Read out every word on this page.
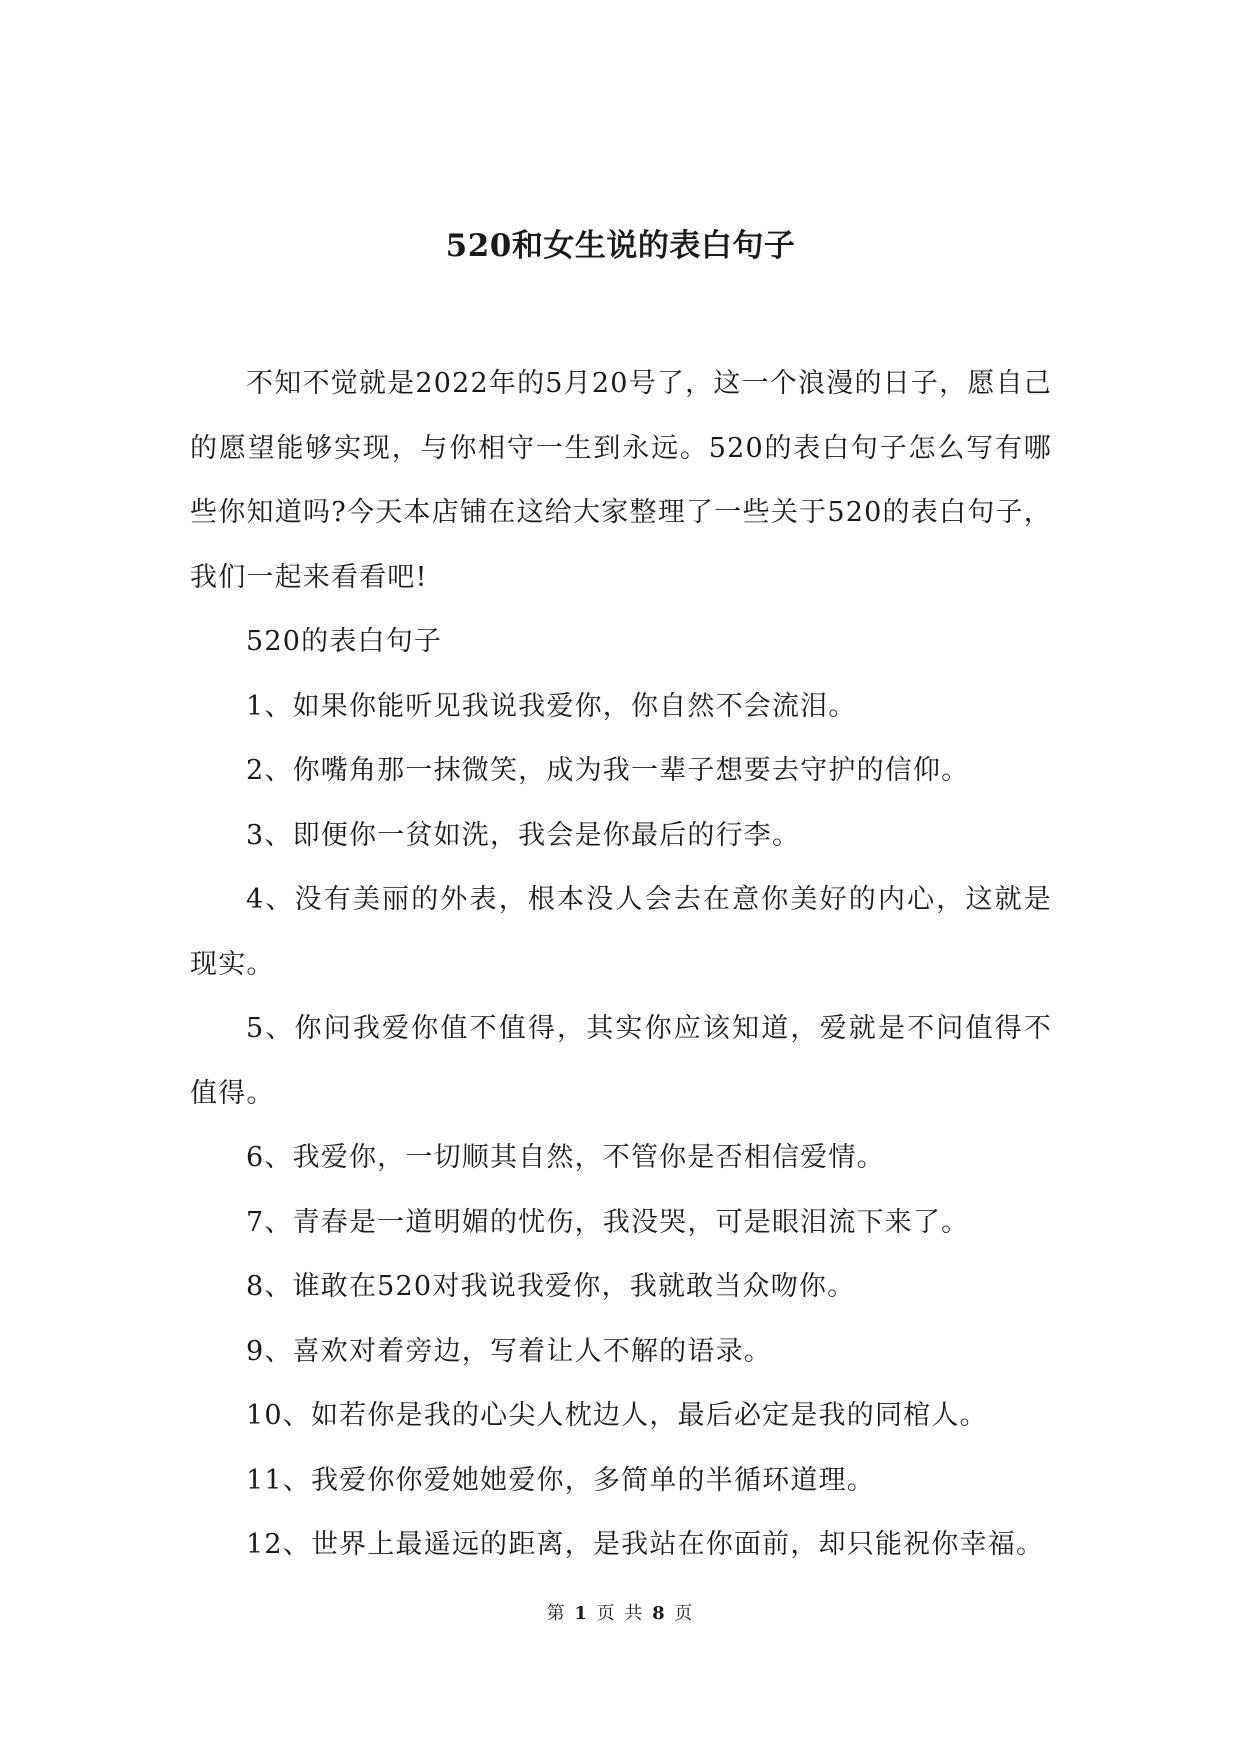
520和女生说的表白句子

不知不觉就是2022年的5月20号了，这一个浪漫的日子，愿自己的愿望能够实现，与你相守一生到永远。520的表白句子怎么写有哪些你知道吗?今天本店铺在这给大家整理了一些关于520的表白句子，我们一起来看看吧!

520的表白句子

1、如果你能听见我说我爱你，你自然不会流泪。

2、你嘴角那一抹微笑，成为我一辈子想要去守护的信仰。

3、即便你一贫如洗，我会是你最后的行李。

4、没有美丽的外表，根本没人会去在意你美好的内心，这就是现实。

5、你问我爱你值不值得，其实你应该知道，爱就是不问值得不值得。

6、我爱你，一切顺其自然，不管你是否相信爱情。

7、青春是一道明媚的忧伤，我没哭，可是眼泪流下来了。

8、谁敢在520对我说我爱你，我就敢当众吻你。

9、喜欢对着旁边，写着让人不解的语录。

10、如若你是我的心尖人枕边人，最后必定是我的同棺人。

11、我爱你你爱她她爱你，多简单的半循环道理。

12、世界上最遥远的距离，是我站在你面前，却只能祝你幸福。

第 1 页 共 8 页
